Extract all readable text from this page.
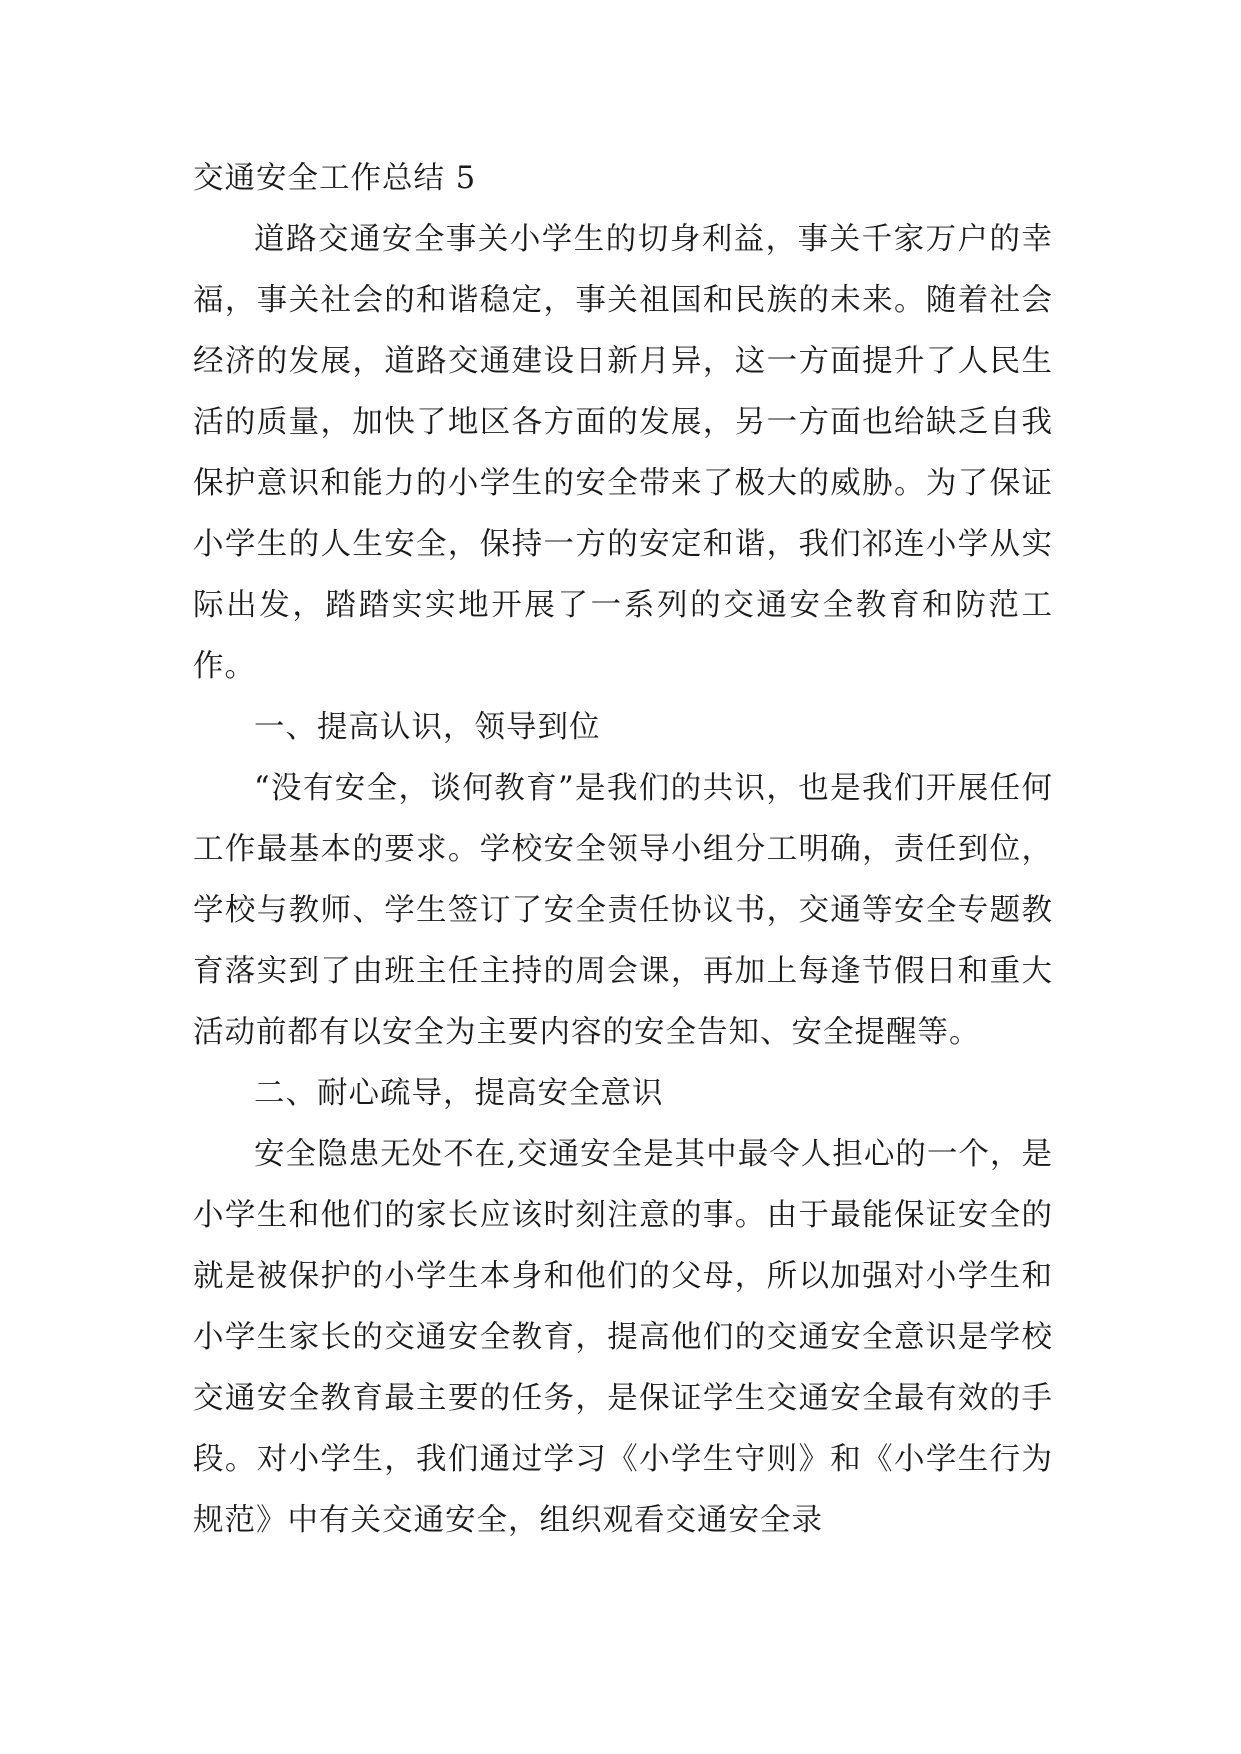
交通安全工作总结 5

道路交通安全事关小学生的切身利益，事关千家万户的幸福，事关社会的和谐稳定，事关祖国和民族的未来。随着社会经济的发展，道路交通建设日新月异，这一方面提升了人民生活的质量，加快了地区各方面的发展，另一方面也给缺乏自我保护意识和能力的小学生的安全带来了极大的威胁。为了保证小学生的人生安全，保持一方的安定和谐，我们祁连小学从实际出发，踏踏实实地开展了一系列的交通安全教育和防范工作。

一、提高认识，领导到位

“没有安全，谈何教育”是我们的共识，也是我们开展任何工作最基本的要求。学校安全领导小组分工明确，责任到位，学校与教师、学生签订了安全责任协议书，交通等安全专题教育落实到了由班主任主持的周会课，再加上每逢节假日和重大活动前都有以安全为主要内容的安全告知、安全提醒等。

二、耐心疏导，提高安全意识

安全隐患无处不在,交通安全是其中最令人担心的一个，是小学生和他们的家长应该时刻注意的事。由于最能保证安全的就是被保护的小学生本身和他们的父母，所以加强对小学生和小学生家长的交通安全教育，提高他们的交通安全意识是学校交通安全教育最主要的任务，是保证学生交通安全最有效的手段。对小学生，我们通过学习《小学生守则》和《小学生行为规范》中有关交通安全，组织观看交通安全录
